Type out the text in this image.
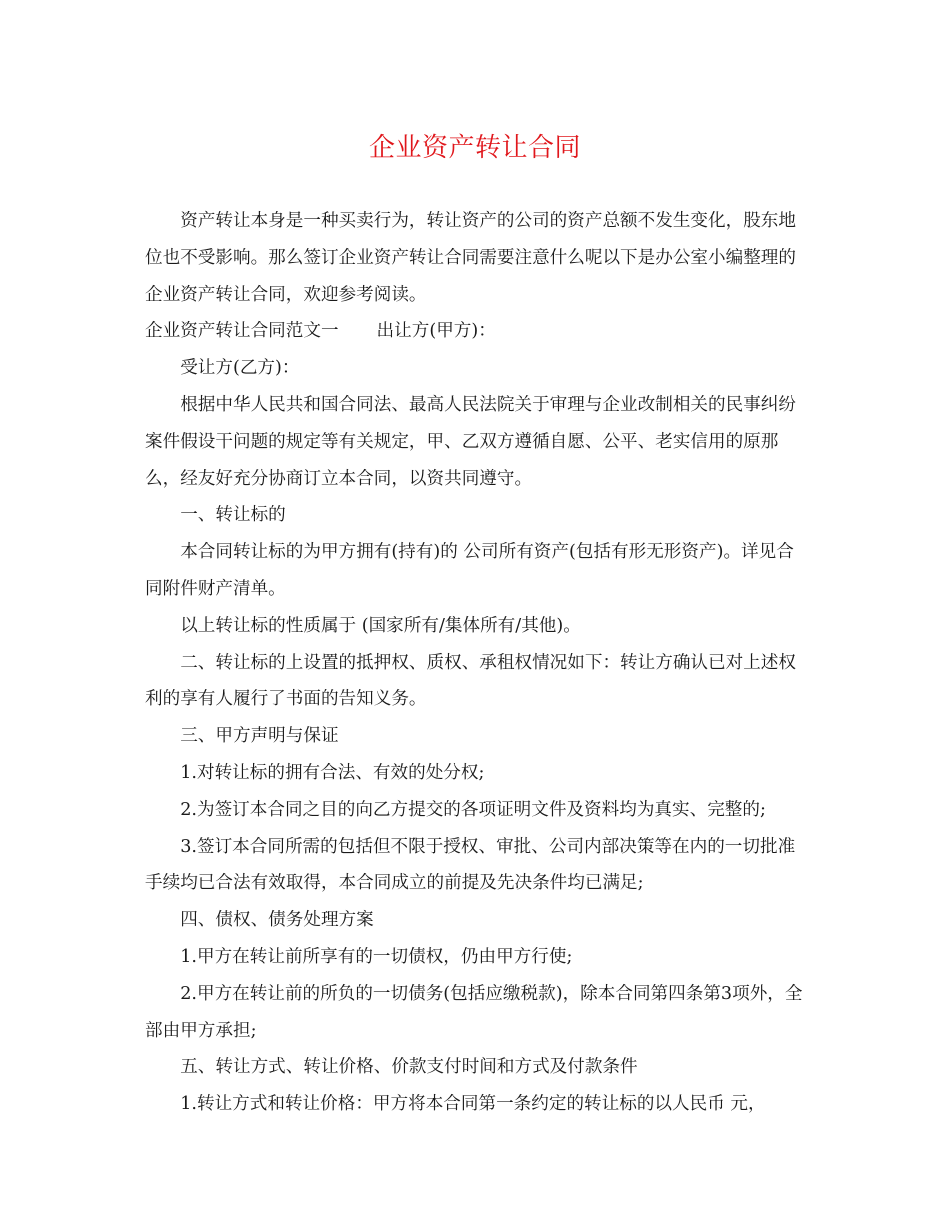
企业资产转让合同

资产转让本身是一种买卖行为，转让资产的公司的资产总额不发生变化，股东地位也不受影响。那么签订企业资产转让合同需要注意什么呢以下是办公室小编整理的企业资产转让合同，欢迎参考阅读。

企业资产转让合同范文一 出让方(甲方)：

受让方(乙方)：

根据中华人民共和国合同法、最高人民法院关于审理与企业改制相关的民事纠纷案件假设干问题的规定等有关规定，甲、乙双方遵循自愿、公平、老实信用的原那么，经友好充分协商订立本合同，以资共同遵守。

一、转让标的

本合同转让标的为甲方拥有(持有)的 公司所有资产(包括有形无形资产)。详见合同附件财产清单。

以上转让标的性质属于 (国家所有/集体所有/其他)。

二、转让标的上设置的抵押权、质权、承租权情况如下：转让方确认已对上述权利的享有人履行了书面的告知义务。

三、甲方声明与保证

1.对转让标的拥有合法、有效的处分权;

2.为签订本合同之目的向乙方提交的各项证明文件及资料均为真实、完整的;

3.签订本合同所需的包括但不限于授权、审批、公司内部决策等在内的一切批准手续均已合法有效取得，本合同成立的前提及先决条件均已满足;

四、债权、债务处理方案

1.甲方在转让前所享有的一切债权，仍由甲方行使;

2.甲方在转让前的所负的一切债务(包括应缴税款)，除本合同第四条第3项外，全部由甲方承担;

五、转让方式、转让价格、价款支付时间和方式及付款条件

1.转让方式和转让价格：甲方将本合同第一条约定的转让标的以人民币 元，
